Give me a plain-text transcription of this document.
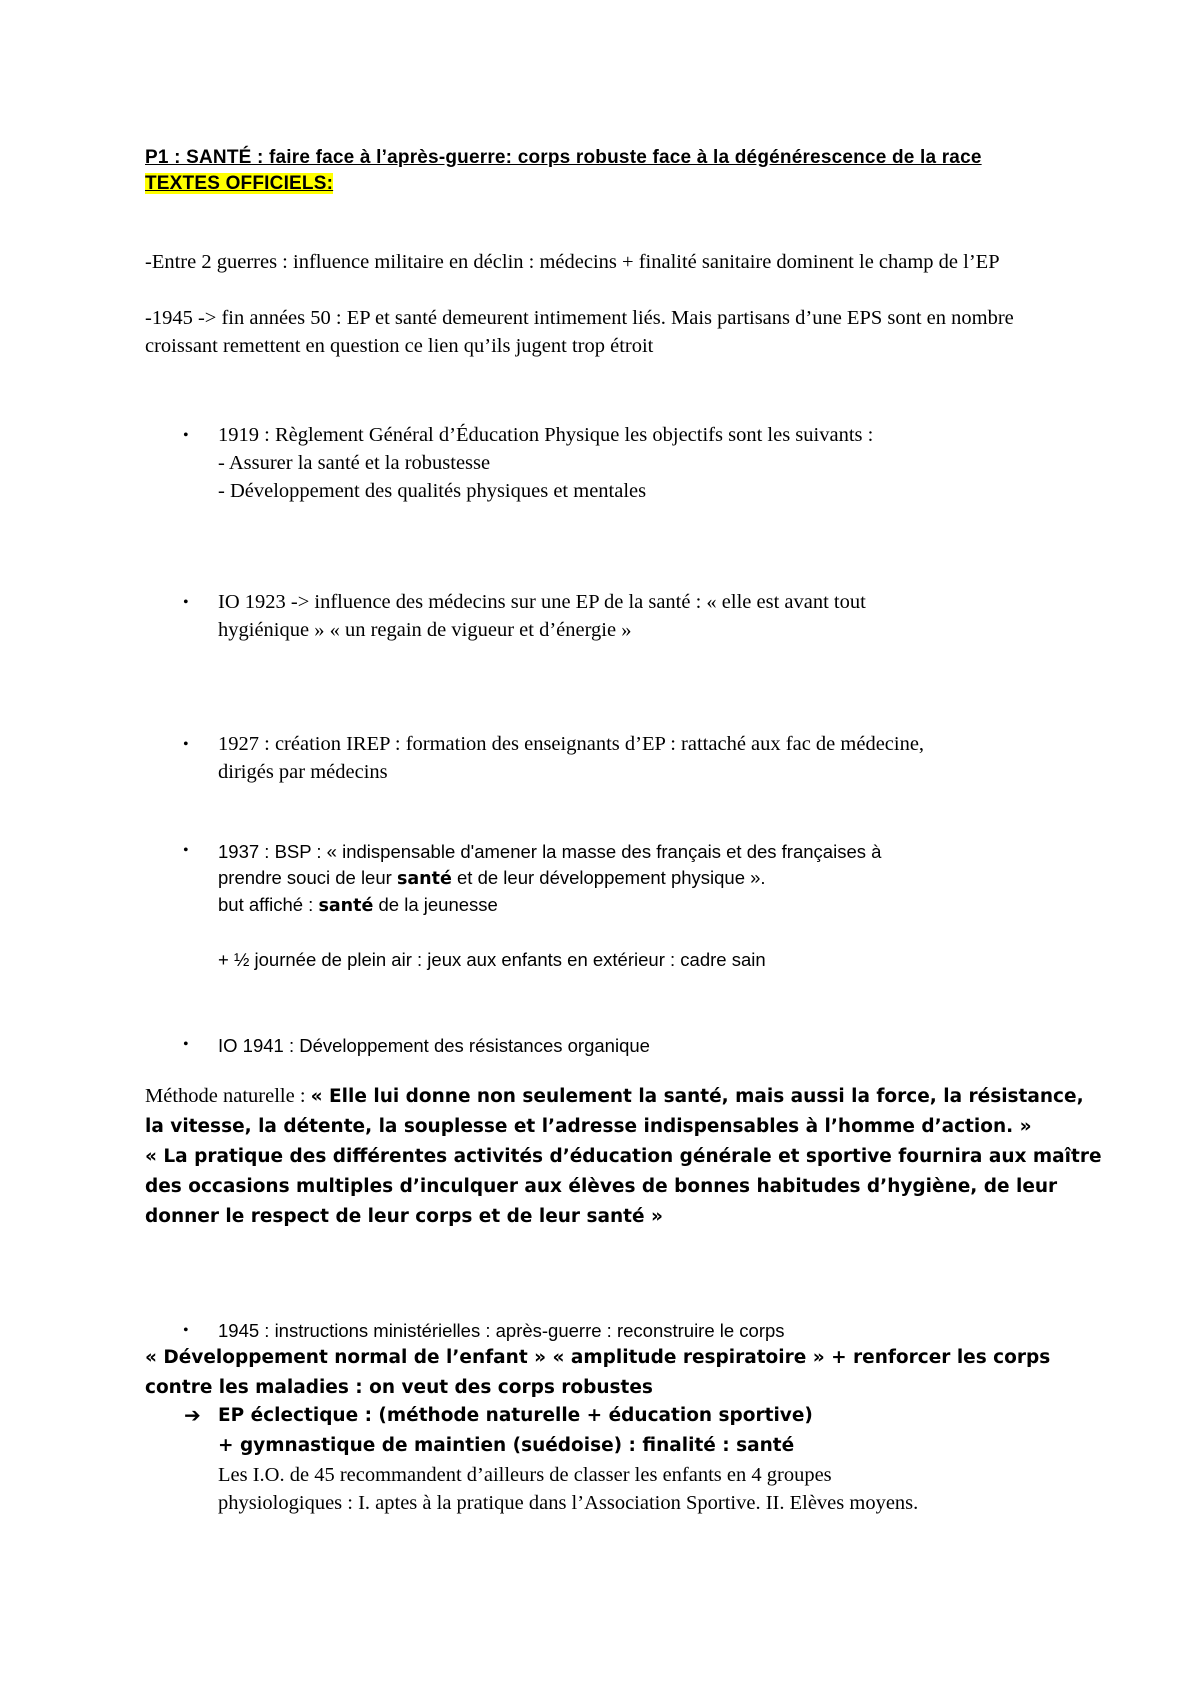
P1 : SANTÉ : faire face à l’après-guerre: corps robuste face à la dégénérescence de la race
TEXTES OFFICIELS:
-Entre 2 guerres : influence militaire en déclin : médecins + finalité sanitaire dominent le champ de l’EP
-1945 -> fin années 50 : EP et santé demeurent intimement liés. Mais partisans d’une EPS sont en nombre croissant remettent en question ce lien qu’ils jugent trop étroit
• 1919 : Règlement Général d’Éducation Physique les objectifs sont les suivants :
- Assurer la santé et la robustesse
- Développement des qualités physiques et mentales
• IO 1923 -> influence des médecins sur une EP de la santé : « elle est avant tout
hygiénique » « un regain de vigueur et d’énergie »
• 1927 : création IREP : formation des enseignants d’EP : rattaché aux fac de médecine,
dirigés par médecins
• 1937 : BSP : « indispensable d'amener la masse des français et des françaises à
prendre souci de leur santé et de leur développement physique ».
but affiché : santé de la jeunesse
+ ½ journée de plein air : jeux aux enfants en extérieur : cadre sain
• IO 1941 : Développement des résistances organique
Méthode naturelle : « Elle lui donne non seulement la santé, mais aussi la force, la résistance,
la vitesse, la détente, la souplesse et l’adresse indispensables à l’homme d’action. »
« La pratique des différentes activités d’éducation générale et sportive fournira aux maître
des occasions multiples d’inculquer aux élèves de bonnes habitudes d’hygiène, de leur
donner le respect de leur corps et de leur santé »
• 1945 : instructions ministérielles : après-guerre : reconstruire le corps
« Développement normal de l’enfant » « amplitude respiratoire » + renforcer les corps
contre les maladies : on veut des corps robustes
➔ EP éclectique : (méthode naturelle + éducation sportive)
+ gymnastique de maintien (suédoise) : finalité : santé
Les I.O. de 45 recommandent d’ailleurs de classer les enfants en 4 groupes
physiologiques : I. aptes à la pratique dans l’Association Sportive. II. Elèves moyens.
